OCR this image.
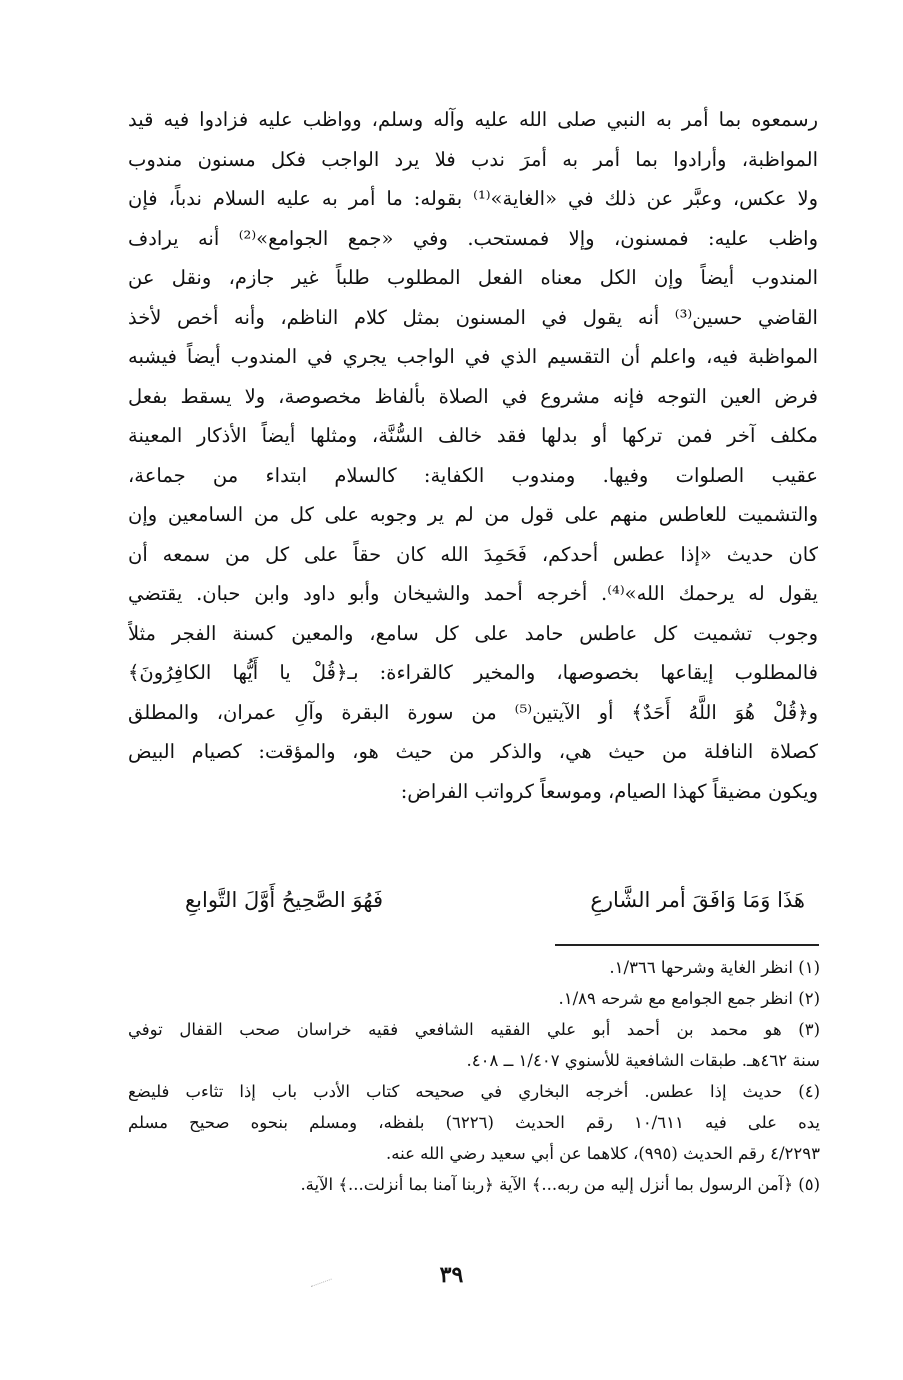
رسمعوه بما أمر به النبي صلى الله عليه وآله وسلم، وواظب عليه فزادوا فيه قيد
المواظبة، وأرادوا بما أمر به أمرَ ندب فلا يرد الواجب فكل مسنون مندوب
ولا عكس، وعبَّر عن ذلك في «الغاية»⁽¹⁾ بقوله: ما أمر به عليه السلام ندباً، فإن
واظب عليه: فمسنون، وإلا فمستحب. وفي «جمع الجوامع»⁽²⁾ أنه يرادف
المندوب أيضاً وإن الكل معناه الفعل المطلوب طلباً غير جازم، ونقل عن
القاضي حسين⁽³⁾ أنه يقول في المسنون بمثل كلام الناظم، وأنه أخص لأخذ
المواظبة فيه، واعلم أن التقسيم الذي في الواجب يجري في المندوب أيضاً فيشبه
فرض العين التوجه فإنه مشروع في الصلاة بألفاظ مخصوصة، ولا يسقط بفعل
مكلف آخر فمن تركها أو بدلها فقد خالف السُّنَّة، ومثلها أيضاً الأذكار المعينة
عقيب الصلوات وفيها. ومندوب الكفاية: كالسلام ابتداء من جماعة،
والتشميت للعاطس منهم على قول من لم ير وجوبه على كل من السامعين وإن
كان حديث «إذا عطس أحدكم، فَحَمِدَ الله كان حقاً على كل من سمعه أن
يقول له يرحمك الله»⁽⁴⁾. أخرجه أحمد والشيخان وأبو داود وابن حبان. يقتضي
وجوب تشميت كل عاطس حامد على كل سامع، والمعين كسنة الفجر مثلاً
فالمطلوب إيقاعها بخصوصها، والمخير كالقراءة: بـ﴿قُلْ يا أَيُّها الكافِرُونَ﴾
و﴿قُلْ هُوَ اللَّهُ أَحَدٌ﴾ أو الآيتين⁽⁵⁾ من سورة البقرة وآلِ عمران، والمطلق
كصلاة النافلة من حيث هي، والذكر من حيث هو، والمؤقت: كصيام البيض
ويكون مضيقاً كهذا الصيام، وموسعاً كرواتب الفراض:
هَذَا وَمَا وَافَقَ أمر الشَّارعِ
فَهُوَ الصَّحِيحُ أَوَّلَ التَّوابعِ
(١) انظر الغاية وشرحها ١/٣٦٦.
(٢) انظر جمع الجوامع مع شرحه ١/٨٩.
(٣) هو محمد بن أحمد أبو علي الفقيه الشافعي فقيه خراسان صحب القفال توفي
سنة ٤٦٢هـ. طبقات الشافعية للأسنوي ١/٤٠٧ ــ ٤٠٨.
(٤) حديث إذا عطس. أخرجه البخاري في صحيحه كتاب الأدب باب إذا تثاءب فليضع
يده على فيه ١٠/٦١١ رقم الحديث (٦٢٢٦) بلفظه، ومسلم بنحوه صحيح مسلم
٤/٢٢٩٣ رقم الحديث (٩٩٥)، كلاهما عن أبي سعيد رضي الله عنه.
(٥) ﴿آمن الرسول بما أنزل إليه من ربه...﴾ الآية ﴿ربنا آمنا بما أنزلت...﴾ الآية.
٣٩
